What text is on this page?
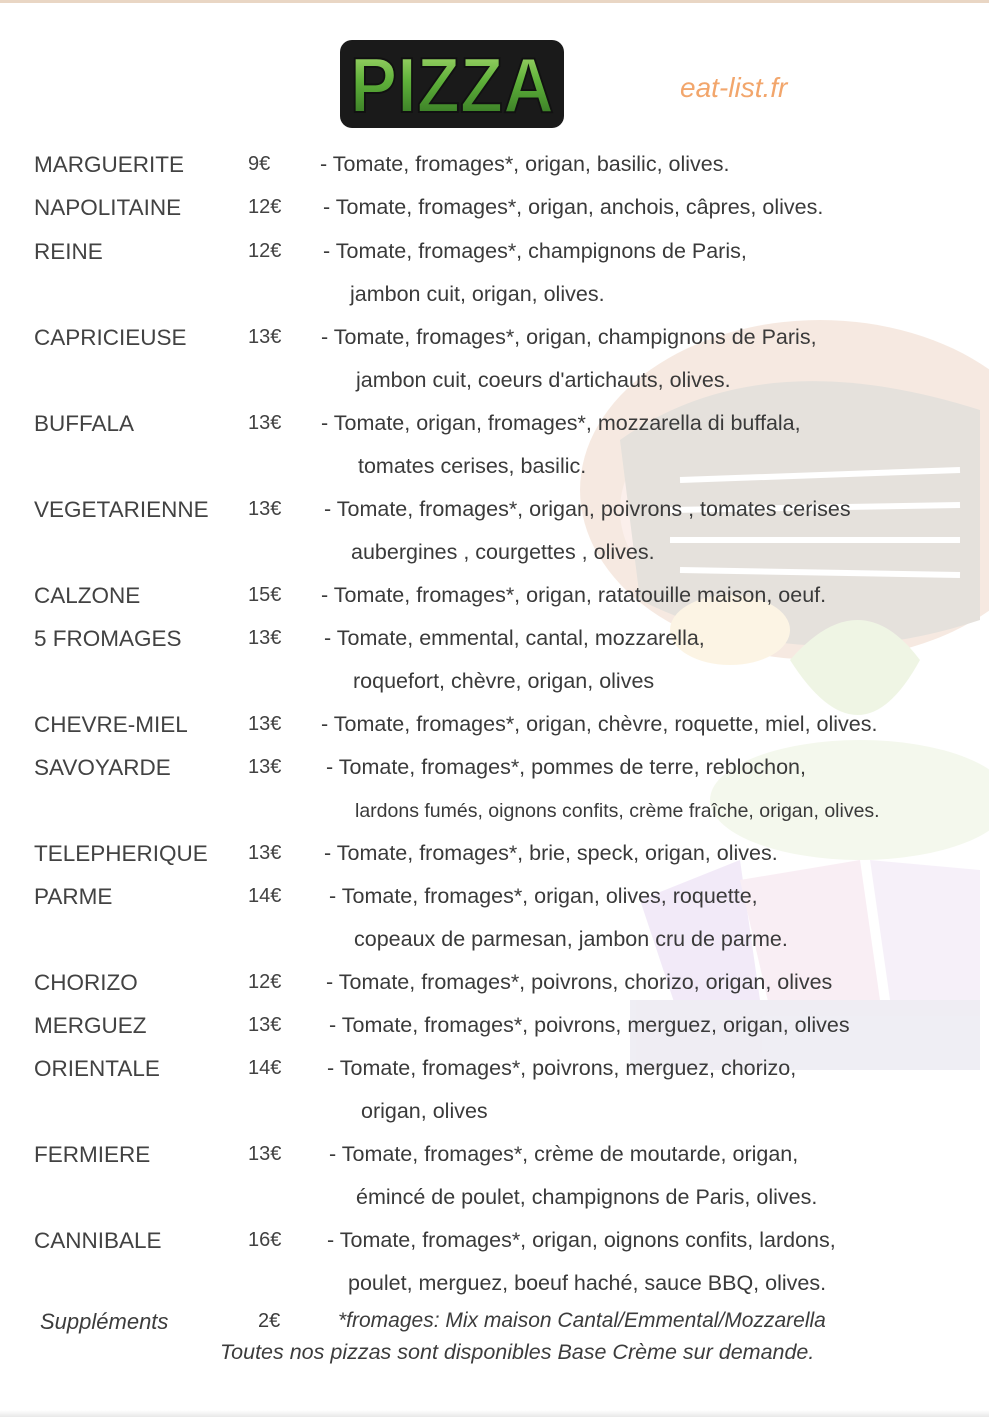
PIZZA	eat-list.fr
MARGUERITE	9€ - Tomate, fromages*, origan, basilic, olives.
NAPOLITAINE	12€ - Tomate, fromages*, origan, anchois, câpres, olives.
REINE	12€ - Tomate, fromages*, champignons de Paris,
jambon cuit, origan, olives.
CAPRICIEUSE	13€ - Tomate, fromages*, origan, champignons de Paris,
jambon cuit, coeurs d'artichauts, olives.
BUFFALA	13€ - Tomate, origan, fromages*, mozzarella di buffala,
tomates cerises, basilic.
VEGETARIENNE 13€ - Tomate, fromages*, origan, poivrons , tomates cerises
aubergines , courgettes , olives.
CALZONE	15€ - Tomate, fromages*, origan, ratatouille maison, oeuf.
5 FROMAGES	13€ - Tomate, emmental, cantal, mozzarella,
roquefort, chèvre, origan, olives
CHEVRE-MIEL	13€ - Tomate, fromages*, origan, chèvre, roquette, miel, olives.
SAVOYARDE	13€ - Tomate, fromages*, pommes de terre, reblochon,
lardons fumés, oignons confits, crème fraîche, origan, olives.
TELEPHERIQUE 13€ - Tomate, fromages*, brie, speck, origan, olives.
PARME	14€ - Tomate, fromages*, origan, olives, roquette,
copeaux de parmesan, jambon cru de parme.
CHORIZO	12€ - Tomate, fromages*, poivrons, chorizo, origan, olives
MERGUEZ	13€ - Tomate, fromages*, poivrons, merguez, origan, olives
ORIENTALE	14€ - Tomate, fromages*, poivrons, merguez, chorizo,
origan, olives
FERMIERE	13€ - Tomate, fromages*, crème de moutarde, origan,
émincé de poulet, champignons de Paris, olives.
CANNIBALE	16€ - Tomate, fromages*, origan, oignons confits, lardons,
poulet, merguez, boeuf haché, sauce BBQ, olives.
Suppléments	2€	*fromages: Mix maison Cantal/Emmental/Mozzarella
Toutes nos pizzas sont disponibles Base Crème sur demande.
